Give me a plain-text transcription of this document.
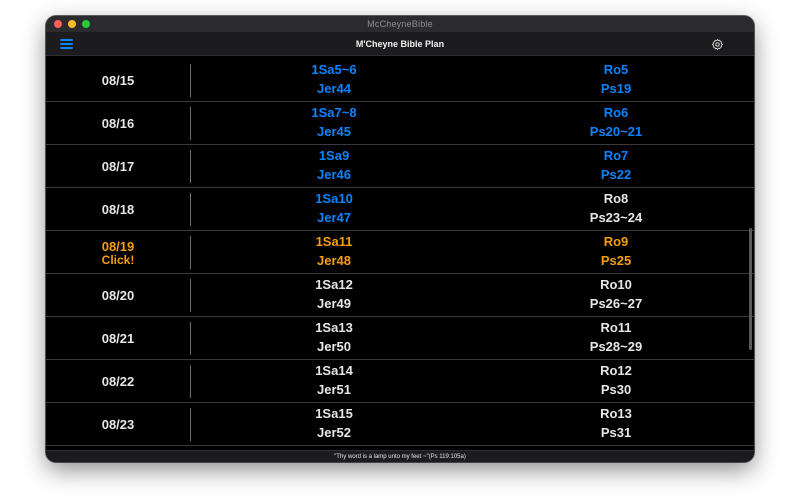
McCheyneBible
M'Cheyne Bible Plan
08/15
1Sa5~6
Jer44
Ro5
Ps19
08/16
1Sa7~8
Jer45
Ro6
Ps20~21
08/17
1Sa9
Jer46
Ro7
Ps22
08/18
1Sa10
Jer47
Ro8
Ps23~24
08/19
Click!
1Sa11
Jer48
Ro9
Ps25
08/20
1Sa12
Jer49
Ro10
Ps26~27
08/21
1Sa13
Jer50
Ro11
Ps28~29
08/22
1Sa14
Jer51
Ro12
Ps30
08/23
1Sa15
Jer52
Ro13
Ps31
"Thy word is a lamp unto my feet ~"(Ps 119:105a)
